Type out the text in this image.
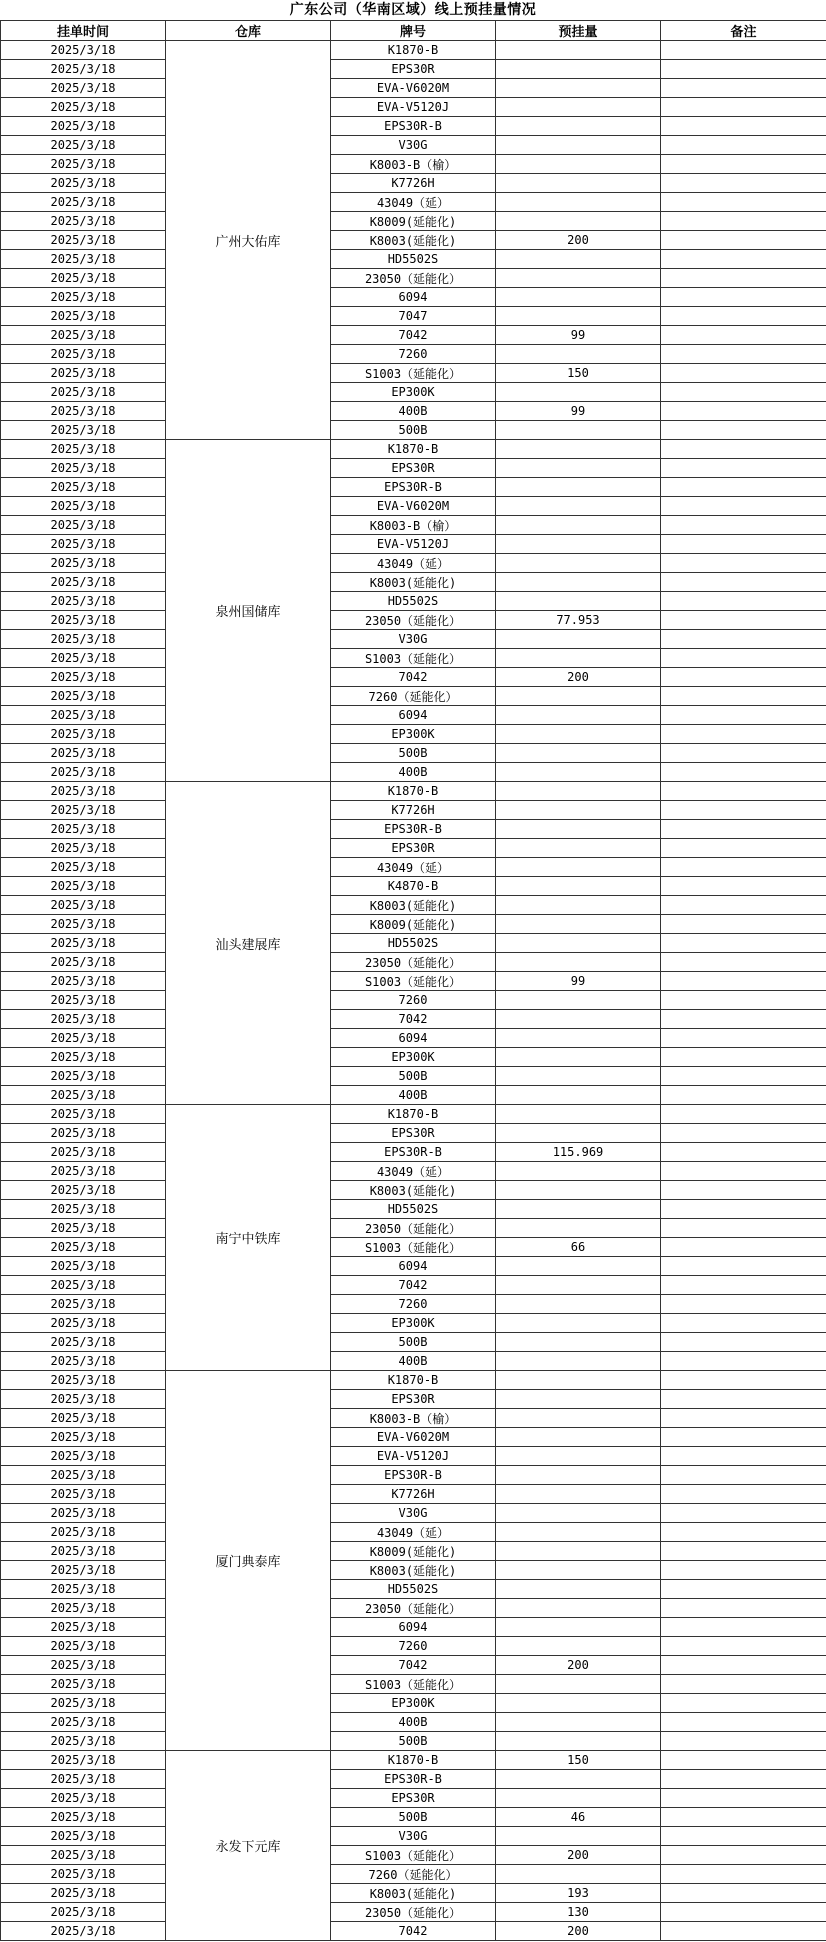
广东公司（华南区域）线上预挂量情况
挂单时间	仓库	牌号	预挂量	备注
2025/3/18	广州大佑库	K1870-B		
2025/3/18		EPS30R		
2025/3/18		EVA-V6020M		
2025/3/18		EVA-V5120J		
2025/3/18		EPS30R-B		
2025/3/18		V30G		
2025/3/18		K8003-B（榆）		
2025/3/18		K7726H		
2025/3/18		43049（延）		
2025/3/18		K8009(延能化)		
2025/3/18		K8003(延能化)	200	
2025/3/18		HD5502S		
2025/3/18		23050（延能化）		
2025/3/18		6094		
2025/3/18		7047		
2025/3/18		7042	99	
2025/3/18		7260		
2025/3/18		S1003（延能化）	150	
2025/3/18		EP300K		
2025/3/18		400B	99	
2025/3/18		500B		
2025/3/18	泉州国储库	K1870-B		
2025/3/18		EPS30R		
2025/3/18		EPS30R-B		
2025/3/18		EVA-V6020M		
2025/3/18		K8003-B（榆）		
2025/3/18		EVA-V5120J		
2025/3/18		43049（延）		
2025/3/18		K8003(延能化)		
2025/3/18		HD5502S		
2025/3/18		23050（延能化）	77.953	
2025/3/18		V30G		
2025/3/18		S1003（延能化）		
2025/3/18		7042	200	
2025/3/18		7260（延能化）		
2025/3/18		6094		
2025/3/18		EP300K		
2025/3/18		500B		
2025/3/18		400B		
2025/3/18	汕头建展库	K1870-B		
2025/3/18		K7726H		
2025/3/18		EPS30R-B		
2025/3/18		EPS30R		
2025/3/18		43049（延）		
2025/3/18		K4870-B		
2025/3/18		K8003(延能化)		
2025/3/18		K8009(延能化)		
2025/3/18		HD5502S		
2025/3/18		23050（延能化）		
2025/3/18		S1003（延能化）	99	
2025/3/18		7260		
2025/3/18		7042		
2025/3/18		6094		
2025/3/18		EP300K		
2025/3/18		500B		
2025/3/18		400B		
2025/3/18	南宁中铁库	K1870-B		
2025/3/18		EPS30R		
2025/3/18		EPS30R-B	115.969	
2025/3/18		43049（延）		
2025/3/18		K8003(延能化)		
2025/3/18		HD5502S		
2025/3/18		23050（延能化）		
2025/3/18		S1003（延能化）	66	
2025/3/18		6094		
2025/3/18		7042		
2025/3/18		7260		
2025/3/18		EP300K		
2025/3/18		500B		
2025/3/18		400B		
2025/3/18	厦门典泰库	K1870-B		
2025/3/18		EPS30R		
2025/3/18		K8003-B（榆）		
2025/3/18		EVA-V6020M		
2025/3/18		EVA-V5120J		
2025/3/18		EPS30R-B		
2025/3/18		K7726H		
2025/3/18		V30G		
2025/3/18		43049（延）		
2025/3/18		K8009(延能化)		
2025/3/18		K8003(延能化)		
2025/3/18		HD5502S		
2025/3/18		23050（延能化）		
2025/3/18		6094		
2025/3/18		7260		
2025/3/18		7042	200	
2025/3/18		S1003（延能化）		
2025/3/18		EP300K		
2025/3/18		400B		
2025/3/18		500B		
2025/3/18	永发下元库	K1870-B	150	
2025/3/18		EPS30R-B		
2025/3/18		EPS30R		
2025/3/18		500B	46	
2025/3/18		V30G		
2025/3/18		S1003（延能化）	200	
2025/3/18		7260（延能化）		
2025/3/18		K8003(延能化)	193	
2025/3/18		23050（延能化）	130	
2025/3/18		7042	200	
